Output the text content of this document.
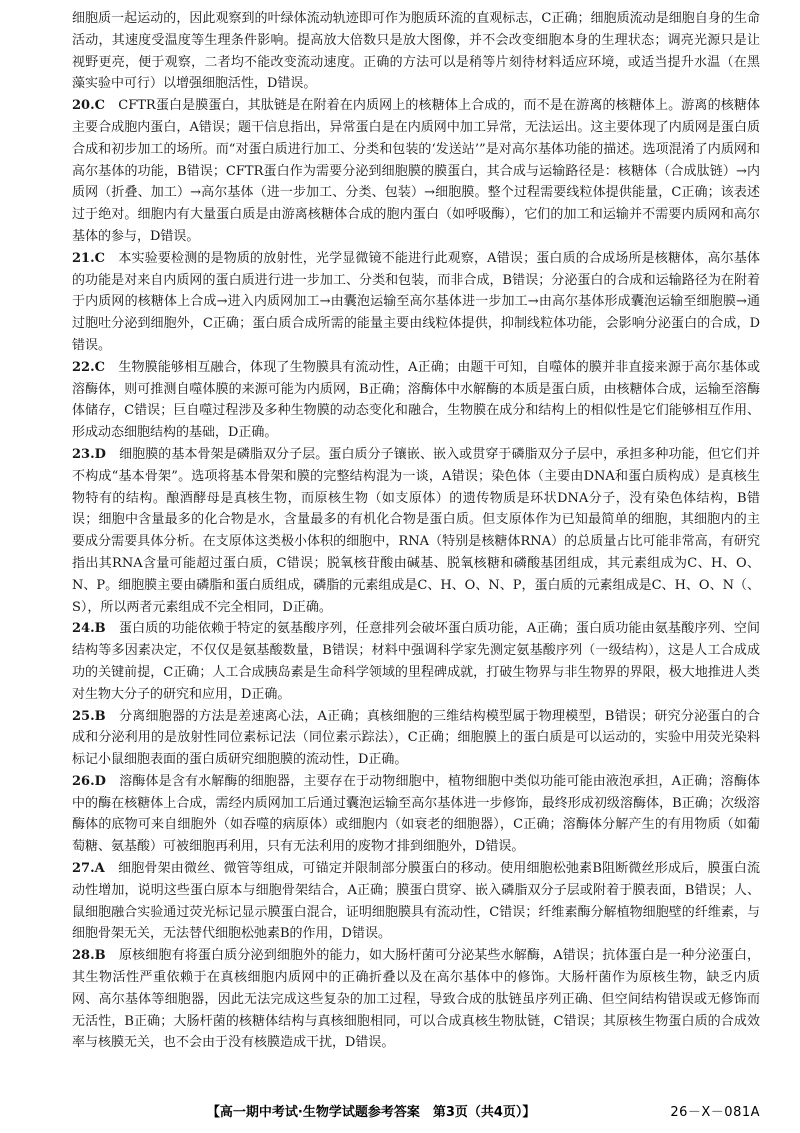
细胞质一起运动的，因此观察到的叶绿体流动轨迹即可作为胞质环流的直观标志，C正确；细胞质流动是细胞自身的生命活动，其速度受温度等生理条件影响。提高放大倍数只是放大图像，并不会改变细胞本身的生理状态；调亮光源只是让视野更亮，便于观察，二者均不能改变流动速度。正确的方法可以是稍等片刻待材料适应环境，或适当提升水温（在黑藻实验中可行）以增强细胞活性，D错误。

20.C　 CFTR蛋白是膜蛋白，其肽链是在附着在内质网上的核糖体上合成的，而不是在游离的核糖体上。游离的核糖体主要合成胞内蛋白，A错误；题干信息指出，异常蛋白是在内质网中加工异常，无法运出。这主要体现了内质网是蛋白质合成和初步加工的场所。而“对蛋白质进行加工、分类和包装的‘发送站’”是对高尔基体功能的描述。选项混淆了内质网和高尔基体的功能，B错误；CFTR蛋白作为需要分泌到细胞膜的膜蛋白，其合成与运输路径是：核糖体（合成肽链）→内质网（折叠、加工）→高尔基体（进一步加工、分类、包装）→细胞膜。整个过程需要线粒体提供能量，C正确；该表述过于绝对。细胞内有大量蛋白质是由游离核糖体合成的胞内蛋白（如呼吸酶），它们的加工和运输并不需要内质网和高尔基体的参与，D错误。

21.C　 本实验要检测的是物质的放射性，光学显微镜不能进行此观察，A错误；蛋白质的合成场所是核糖体，高尔基体的功能是对来自内质网的蛋白质进行进一步加工、分类和包装，而非合成，B错误；分泌蛋白的合成和运输路径为在附着于内质网的核糖体上合成→进入内质网加工→由囊泡运输至高尔基体进一步加工→由高尔基体形成囊泡运输至细胞膜→通过胞吐分泌到细胞外，C正确；蛋白质合成所需的能量主要由线粒体提供，抑制线粒体功能，会影响分泌蛋白的合成，D错误。

22.C　 生物膜能够相互融合，体现了生物膜具有流动性，A正确；由题干可知，自噬体的膜并非直接来源于高尔基体或溶酶体，则可推测自噬体膜的来源可能为内质网，B正确；溶酶体中水解酶的本质是蛋白质，由核糖体合成，运输至溶酶体储存，C错误；巨自噬过程涉及多种生物膜的动态变化和融合，生物膜在成分和结构上的相似性是它们能够相互作用、形成动态细胞结构的基础，D正确。

23.D　 细胞膜的基本骨架是磷脂双分子层。蛋白质分子镶嵌、嵌入或贯穿于磷脂双分子层中，承担多种功能，但它们并不构成“基本骨架”。选项将基本骨架和膜的完整结构混为一谈，A错误；染色体（主要由DNA和蛋白质构成）是真核生物特有的结构。酿酒酵母是真核生物，而原核生物（如支原体）的遗传物质是环状DNA分子，没有染色体结构，B错误；细胞中含量最多的化合物是水，含量最多的有机化合物是蛋白质。但支原体作为已知最简单的细胞，其细胞内的主要成分需要具体分析。在支原体这类极小体积的细胞中，RNA（特别是核糖体RNA）的总质量占比可能非常高，有研究指出其RNA含量可能超过蛋白质，C错误；脱氧核苷酸由碱基、脱氧核糖和磷酸基团组成，其元素组成为C、H、O、N、P。细胞膜主要由磷脂和蛋白质组成，磷脂的元素组成是C、H、O、N、P，蛋白质的元素组成是C、H、O、N（、S），所以两者元素组成不完全相同，D正确。

24.B　 蛋白质的功能依赖于特定的氨基酸序列，任意排列会破坏蛋白质功能，A正确；蛋白质功能由氨基酸序列、空间结构等多因素决定，不仅仅是氨基酸数量，B错误；材料中强调科学家先测定氨基酸序列（一级结构），这是人工合成成功的关键前提，C正确；人工合成胰岛素是生命科学领域的里程碑成就，打破生物界与非生物界的界限，极大地推进人类对生物大分子的研究和应用，D正确。

25.B　 分离细胞器的方法是差速离心法，A正确；真核细胞的三维结构模型属于物理模型，B错误；研究分泌蛋白的合成和分泌利用的是放射性同位素标记法（同位素示踪法），C正确；细胞膜上的蛋白质是可以运动的，实验中用荧光染料标记小鼠细胞表面的蛋白质研究细胞膜的流动性，D正确。

26.D　 溶酶体是含有水解酶的细胞器，主要存在于动物细胞中，植物细胞中类似功能可能由液泡承担，A正确；溶酶体中的酶在核糖体上合成，需经内质网加工后通过囊泡运输至高尔基体进一步修饰，最终形成初级溶酶体，B正确；次级溶酶体的底物可来自细胞外（如吞噬的病原体）或细胞内（如衰老的细胞器），C正确；溶酶体分解产生的有用物质（如葡萄糖、氨基酸）可被细胞再利用，只有无法利用的废物才排到细胞外，D错误。

27.A　 细胞骨架由微丝、微管等组成，可锚定并限制部分膜蛋白的移动。使用细胞松弛素B阻断微丝形成后，膜蛋白流动性增加，说明这些蛋白原本与细胞骨架结合，A正确；膜蛋白贯穿、嵌入磷脂双分子层或附着于膜表面，B错误；人、鼠细胞融合实验通过荧光标记显示膜蛋白混合，证明细胞膜具有流动性，C错误；纤维素酶分解植物细胞壁的纤维素，与细胞骨架无关，无法替代细胞松弛素B的作用，D错误。

28.B　 原核细胞有将蛋白质分泌到细胞外的能力，如大肠杆菌可分泌某些水解酶，A错误；抗体蛋白是一种分泌蛋白，其生物活性严重依赖于在真核细胞内质网中的正确折叠以及在高尔基体中的修饰。大肠杆菌作为原核生物，缺乏内质网、高尔基体等细胞器，因此无法完成这些复杂的加工过程，导致合成的肽链虽序列正确、但空间结构错误或无修饰而无活性，B正确；大肠杆菌的核糖体结构与真核细胞相同，可以合成真核生物肽链，C错误；其原核生物蛋白质的合成效率与核膜无关，也不会由于没有核膜造成干扰，D错误。

【高一期中考试·生物学试题参考答案　第3页（共4页）】	26－X－081A
